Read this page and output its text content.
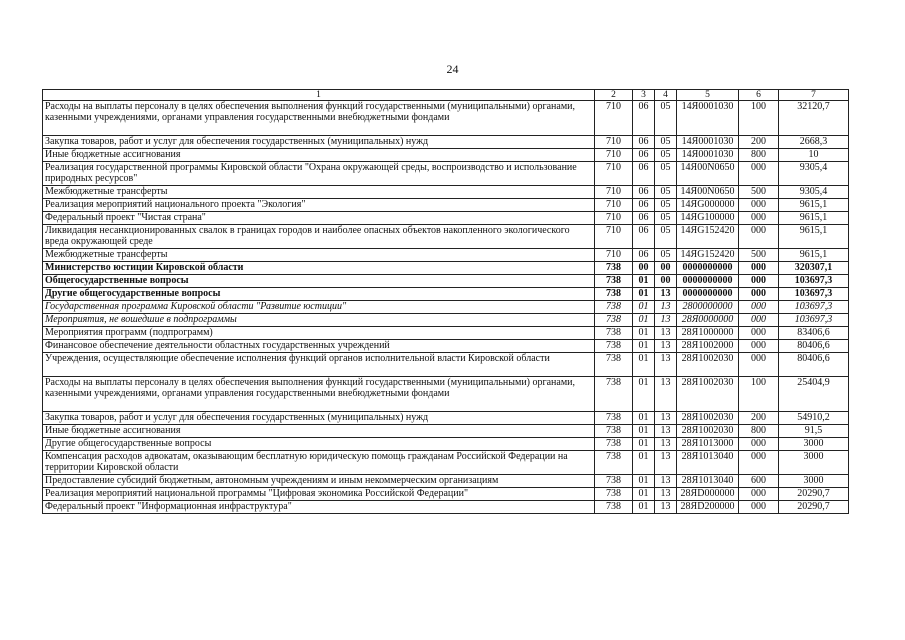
24
1	2	3	4	5	6	7
Расходы на выплаты персоналу в целях обеспечения выполнения функций государственными (муниципальными) органами, казенными учреждениями, органами управления государственными внебюджетными фондами	710	06	05	14Я0001030	100	32120,7
Закупка товаров, работ и услуг для обеспечения государственных (муниципальных) нужд	710	06	05	14Я0001030	200	2668,3
Иные бюджетные ассигнования	710	06	05	14Я0001030	800	10
Реализация государственной программы Кировской области "Охрана окружающей среды, воспроизводство и использование природных ресурсов"	710	06	05	14Я00N0650	000	9305,4
Межбюджетные трансферты	710	06	05	14Я00N0650	500	9305,4
Реализация мероприятий национального проекта "Экология"	710	06	05	14ЯG000000	000	9615,1
Федеральный проект "Чистая страна"	710	06	05	14ЯG100000	000	9615,1
Ликвидация несанкционированных свалок в границах городов и наиболее опасных объектов накопленного экологического вреда окружающей среде	710	06	05	14ЯG152420	000	9615,1
Межбюджетные трансферты	710	06	05	14ЯG152420	500	9615,1
Министерство юстиции Кировской области	738	00	00	0000000000	000	320307,1
Общегосударственные вопросы	738	01	00	0000000000	000	103697,3
Другие общегосударственные вопросы	738	01	13	0000000000	000	103697,3
Государственная программа Кировской области "Развитие юстиции"	738	01	13	2800000000	000	103697,3
Мероприятия, не вошедшие в подпрограммы	738	01	13	28Я0000000	000	103697,3
Мероприятия программ (подпрограмм)	738	01	13	28Я1000000	000	83406,6
Финансовое обеспечение деятельности областных государственных учреждений	738	01	13	28Я1002000	000	80406,6
Учреждения, осуществляющие обеспечение исполнения функций органов исполнительной власти Кировской области	738	01	13	28Я1002030	000	80406,6
Расходы на выплаты персоналу в целях обеспечения выполнения функций государственными (муниципальными) органами, казенными учреждениями, органами управления государственными внебюджетными фондами	738	01	13	28Я1002030	100	25404,9
Закупка товаров, работ и услуг для обеспечения государственных (муниципальных) нужд	738	01	13	28Я1002030	200	54910,2
Иные бюджетные ассигнования	738	01	13	28Я1002030	800	91,5
Другие общегосударственные вопросы	738	01	13	28Я1013000	000	3000
Компенсация расходов адвокатам, оказывающим бесплатную юридическую помощь гражданам Российской Федерации на территории Кировской области	738	01	13	28Я1013040	000	3000
Предоставление субсидий бюджетным, автономным учреждениям и иным некоммерческим организациям	738	01	13	28Я1013040	600	3000
Реализация мероприятий национальной программы "Цифровая экономика Российской Федерации"	738	01	13	28ЯD000000	000	20290,7
Федеральный проект "Информационная инфраструктура"	738	01	13	28ЯD200000	000	20290,7
